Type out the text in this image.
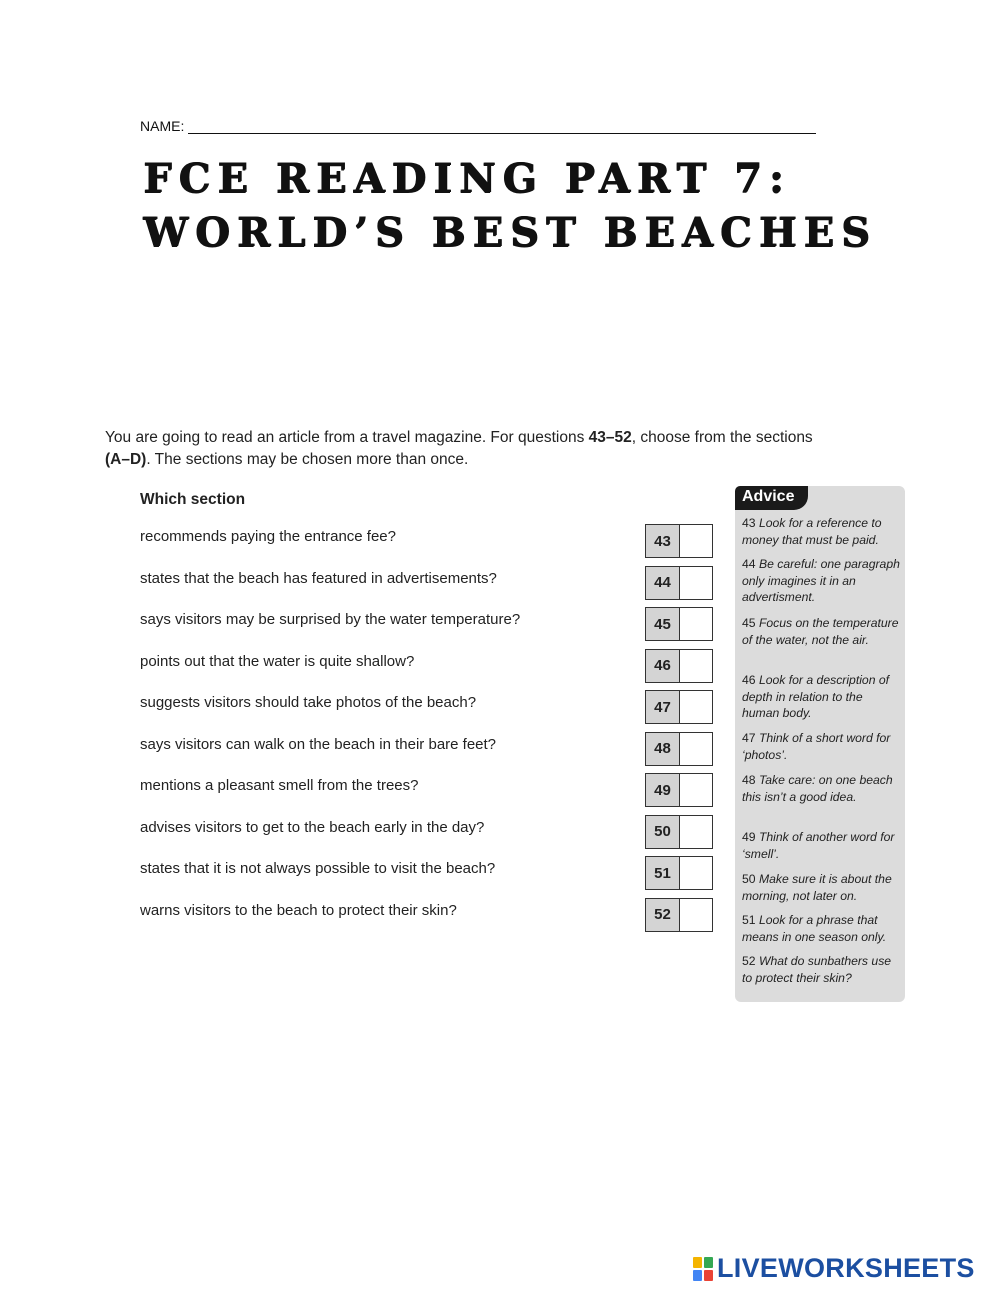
NAME:
FCE READING PART 7: WORLD’S BEST BEACHES
You are going to read an article from a travel magazine. For questions 43–52, choose from the sections
(A–D). The sections may be chosen more than once.
Which section
recommends paying the entrance fee?
states that the beach has featured in advertisements?
says visitors may be surprised by the water temperature?
points out that the water is quite shallow?
suggests visitors should take photos of the beach?
says visitors can walk on the beach in their bare feet?
mentions a pleasant smell from the trees?
advises visitors to get to the beach early in the day?
states that it is not always possible to visit the beach?
warns visitors to the beach to protect their skin?
43
44
45
46
47
48
49
50
51
52
Advice
43 Look for a reference to money that must be paid.
44 Be careful: one paragraph only imagines it in an advertisment.
45 Focus on the temperature of the water, not the air.
46 Look for a description of depth in relation to the human body.
47 Think of a short word for ‘photos’.
48 Take care: on one beach this isn’t a good idea.
49 Think of another word for ‘smell’.
50 Make sure it is about the morning, not later on.
51 Look for a phrase that means in one season only.
52 What do sunbathers use to protect their skin?
LIVEWORKSHEETS
